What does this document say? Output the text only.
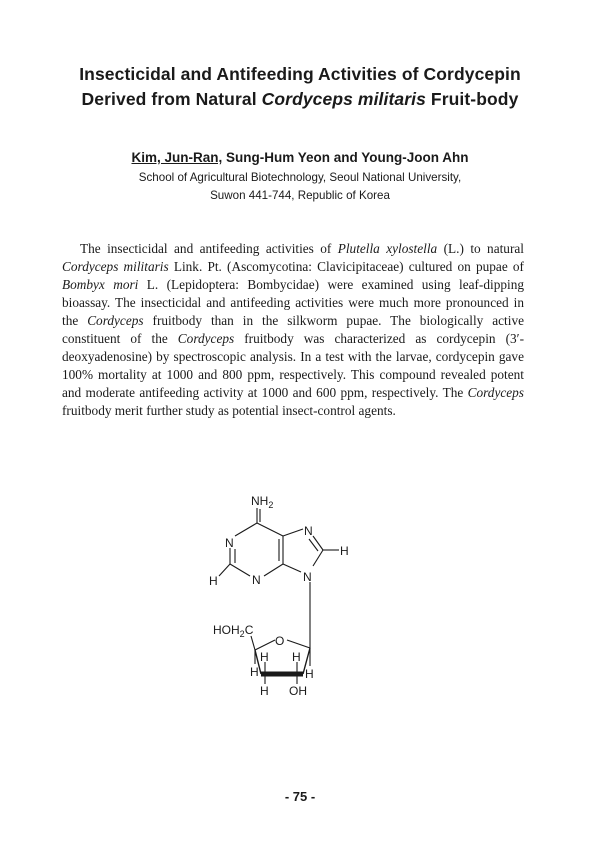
Insecticidal and Antifeeding Activities of Cordycepin
Derived from Natural Cordyceps militaris Fruit-body
Kim, Jun-Ran, Sung-Hum Yeon and Young-Joon Ahn
School of Agricultural Biotechnology, Seoul National University,
Suwon 441-744, Republic of Korea

The insecticidal and antifeeding activities of Plutella xylostella (L.) to natural Cordyceps militaris Link. Pt. (Ascomycotina: Clavicipitaceae) cultured on pupae of Bombyx mori L. (Lepidoptera: Bombycidae) were examined using leaf-dipping bioassay. The insecticidal and antifeeding activities were much more pronounced in the Cordyceps fruitbody than in the silkworm pupae. The biologically active constituent of the Cordyceps fruitbody was characterized as cordycepin (3′-deoxyadenosine) by spectroscopic analysis. In a test with the larvae, cordycepin gave 100% mortality at 1000 and 800 ppm, respectively. This compound revealed potent and moderate antifeeding activity at 1000 and 600 ppm, respectively. The Cordyceps fruitbody merit further study as potential insect-control agents.

$NH_2$
N
N
N
N
H
H
$HOH_2C$
O
H	H
H H
H OH
- 75 -
